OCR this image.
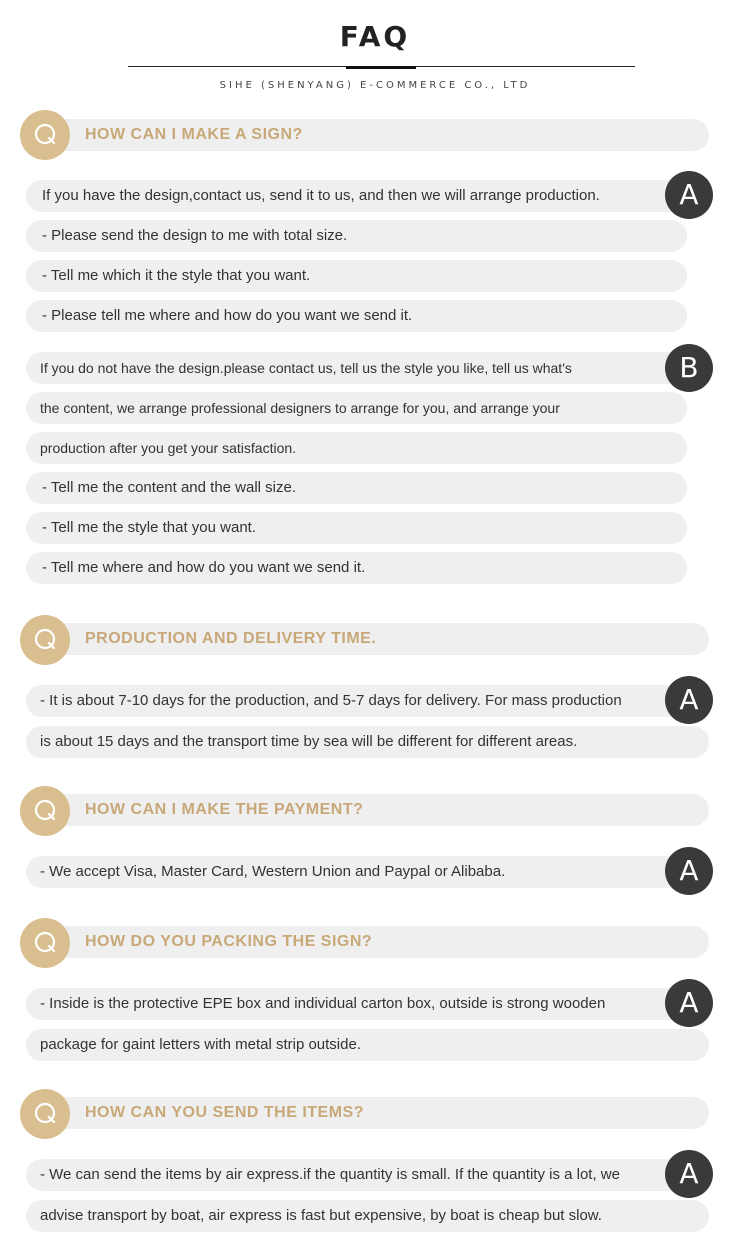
FAQ
SIHE (SHENYANG) E-COMMERCE CO., LTD
HOW CAN I MAKE A SIGN?
If you have the design,contact us, send it to us, and then we will arrange production.	A
- Please send the design to me with total size.
- Tell me which it the style that you want.
- Please tell me where and how do you want we send it.
If you do not have the design.please contact us, tell us the style you like, tell us what's	B
the content, we arrange professional designers to arrange for you, and arrange your
production after you get your satisfaction.
- Tell me the content and the wall size.
- Tell me the style that you want.
- Tell me where and how do you want we send it.
PRODUCTION AND DELIVERY TIME.
- It is about 7-10 days for the production, and 5-7 days for delivery. For mass production	A
is about 15 days and the transport time by sea will be different for different areas.
HOW CAN I MAKE THE PAYMENT?
- We accept Visa, Master Card, Western Union and Paypal or Alibaba.	A
HOW DO YOU PACKING THE SIGN?
- Inside is the protective EPE box and individual carton box, outside is strong wooden	A
package for gaint letters with metal strip outside.
HOW CAN YOU SEND THE ITEMS?
- We can send the items by air express.if the quantity is small. If the quantity is a lot, we	A
advise transport by boat, air express is fast but expensive, by boat is cheap but slow.
